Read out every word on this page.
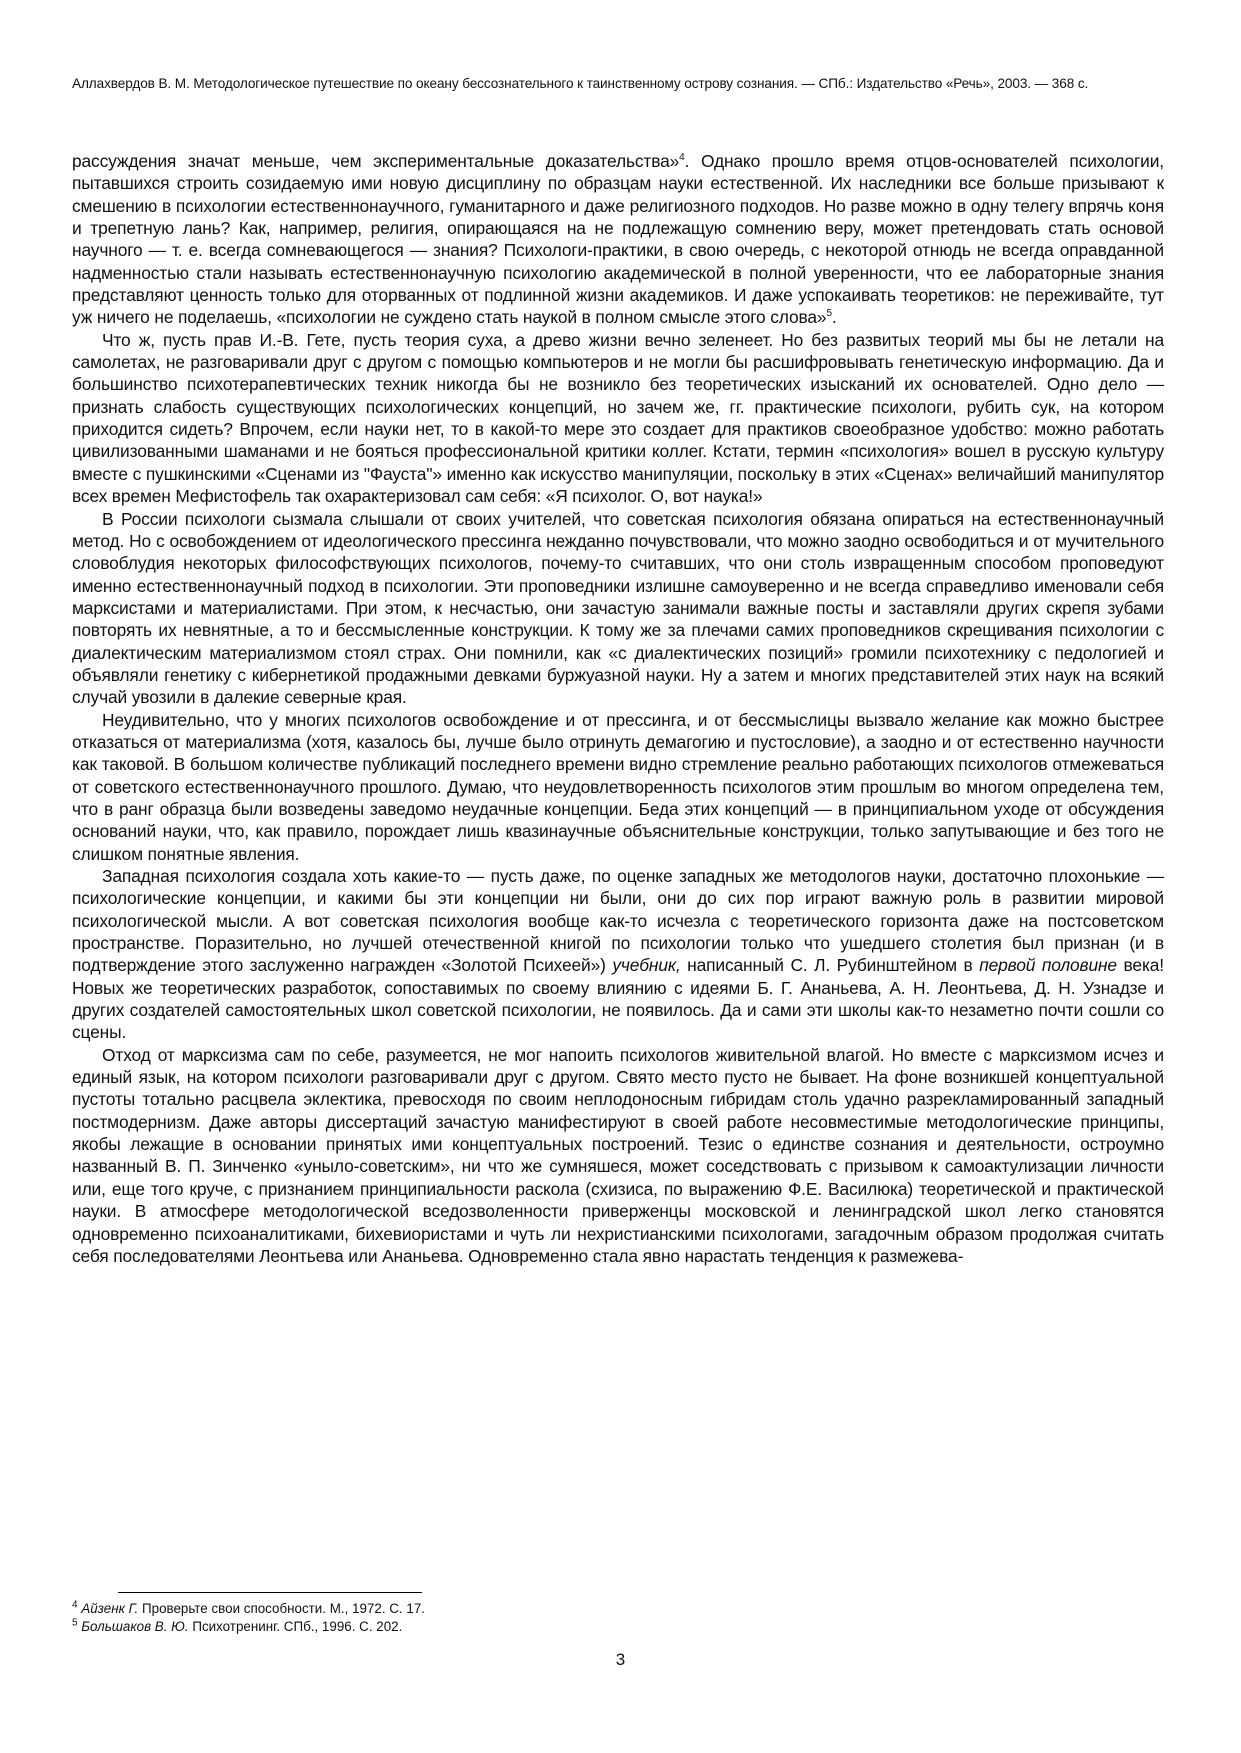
Аллахвердов В. М. Методологическое путешествие по океану бессознательного к таинственному острову сознания. — СПб.: Издательство «Речь», 2003. — 368 с.

рассуждения значат меньше, чем экспериментальные доказательства»$^4$. Однако прошло время отцов-основателей психологии, пытавшихся строить созидаемую ими новую дисциплину по образцам науки естественной. Их наследники все больше призывают к смешению в психологии естественнонаучного, гуманитарного и даже религиозного подходов. Но разве можно в одну телегу впрячь коня и трепетную лань? Как, например, религия, опирающаяся на не подлежащую сомнению веру, может претендовать стать основой научного — т. е. всегда сомневающегося — знания? Психологи-практики, в свою очередь, с некоторой отнюдь не всегда оправданной надменностью стали называть естественнонаучную психологию академической в полной уверенности, что ее лабораторные знания представляют ценность только для оторванных от подлинной жизни академиков. И даже успокаивать теоретиков: не переживайте, тут уж ничего не поделаешь, «психологии не суждено стать наукой в полном смысле этого слова»$^5$.

Что ж, пусть прав И.-В. Гете, пусть теория суха, а древо жизни вечно зеленеет. Но без развитых теорий мы бы не летали на самолетах, не разговаривали друг с другом с помощью компьютеров и не могли бы расшифровывать генетическую информацию. Да и большинство психотерапевтических техник никогда бы не возникло без теоретических изысканий их основателей. Одно дело — признать слабость существующих психологических концепций, но зачем же, гг. практические психологи, рубить сук, на котором приходится сидеть? Впрочем, если науки нет, то в какой-то мере это создает для практиков своеобразное удобство: можно работать цивилизованными шаманами и не бояться профессиональной критики коллег. Кстати, термин «психология» вошел в русскую культуру вместе с пушкинскими «Сценами из "Фауста"» именно как искусство манипуляции, поскольку в этих «Сценах» величайший манипулятор всех времен Мефистофель так охарактеризовал сам себя: «Я психолог. О, вот наука!»

В России психологи сызмала слышали от своих учителей, что советская психология обязана опираться на естественнонаучный метод. Но с освобождением от идеологического прессинга нежданно почувствовали, что можно заодно освободиться и от мучительного словоблудия некоторых философствующих психологов, почему-то считавших, что они столь извращенным способом проповедуют именно естественнонаучный подход в психологии. Эти проповедники излишне самоуверенно и не всегда справедливо именовали себя марксистами и материалистами. При этом, к несчастью, они зачастую занимали важные посты и заставляли других скрепя зубами повторять их невнятные, а то и бессмысленные конструкции. К тому же за плечами самих проповедников скрещивания психологии с диалектическим материализмом стоял страх. Они помнили, как «с диалектических позиций» громили психотехнику с педологией и объявляли генетику с кибернетикой продажными девками буржуазной науки. Ну а затем и многих представителей этих наук на всякий случай увозили в далекие северные края.

Неудивительно, что у многих психологов освобождение и от прессинга, и от бессмыслицы вызвало желание как можно быстрее отказаться от материализма (хотя, казалось бы, лучше было отринуть демагогию и пустословие), а заодно и от естественно научности как таковой. В большом количестве публикаций последнего времени видно стремление реально работающих психологов отмежеваться от советского естественнонаучного прошлого. Думаю, что неудовлетворенность психологов этим прошлым во многом определена тем, что в ранг образца были возведены заведомо неудачные концепции. Беда этих концепций — в принципиальном уходе от обсуждения оснований науки, что, как правило, порождает лишь квазинаучные объяснительные конструкции, только запутывающие и без того не слишком понятные явления.

Западная психология создала хоть какие-то — пусть даже, по оценке западных же методологов науки, достаточно плохонькие — психологические концепции, и какими бы эти концепции ни были, они до сих пор играют важную роль в развитии мировой психологической мысли. А вот советская психология вообще как-то исчезла с теоретического горизонта даже на постсоветском пространстве. Поразительно, но лучшей отечественной книгой по психологии только что ушедшего столетия был признан (и в подтверждение этого заслуженно награжден «Золотой Психеей») учебник, написанный С. Л. Рубинштейном в первой половине века! Новых же теоретических разработок, сопоставимых по своему влиянию с идеями Б. Г. Ананьева, А. Н. Леонтьева, Д. Н. Узнадзе и других создателей самостоятельных школ советской психологии, не появилось. Да и сами эти школы как-то незаметно почти сошли со сцены.

Отход от марксизма сам по себе, разумеется, не мог напоить психологов живительной влагой. Но вместе с марксизмом исчез и единый язык, на котором психологи разговаривали друг с другом. Свято место пусто не бывает. На фоне возникшей концептуальной пустоты тотально расцвела эклектика, превосходя по своим неплодоносным гибридам столь удачно разрекламированный западный постмодернизм. Даже авторы диссертаций зачастую манифестируют в своей работе несовместимые методологические принципы, якобы лежащие в основании принятых ими концептуальных построений. Тезис о единстве сознания и деятельности, остроумно названный В. П. Зинченко «уныло-советским», ни что же сумняшеся, может соседствовать с призывом к самоактулизации личности или, еще того круче, с признанием принципиальности раскола (схизиса, по выражению Ф.Е. Василюка) теоретической и практической науки. В атмосфере методологической вседозволенности приверженцы московской и ленинградской школ легко становятся одновременно психоаналитиками, бихевиористами и чуть ли нехристианскими психологами, загадочным образом продолжая считать себя последователями Леонтьева или Ананьева. Одновременно стала явно нарастать тенденция к размежева-

$^4$ Айзенк Г. Проверьте свои способности. М., 1972. С. 17.
$^5$ Большаков В. Ю. Психотренинг. СПб., 1996. С. 202.
3
